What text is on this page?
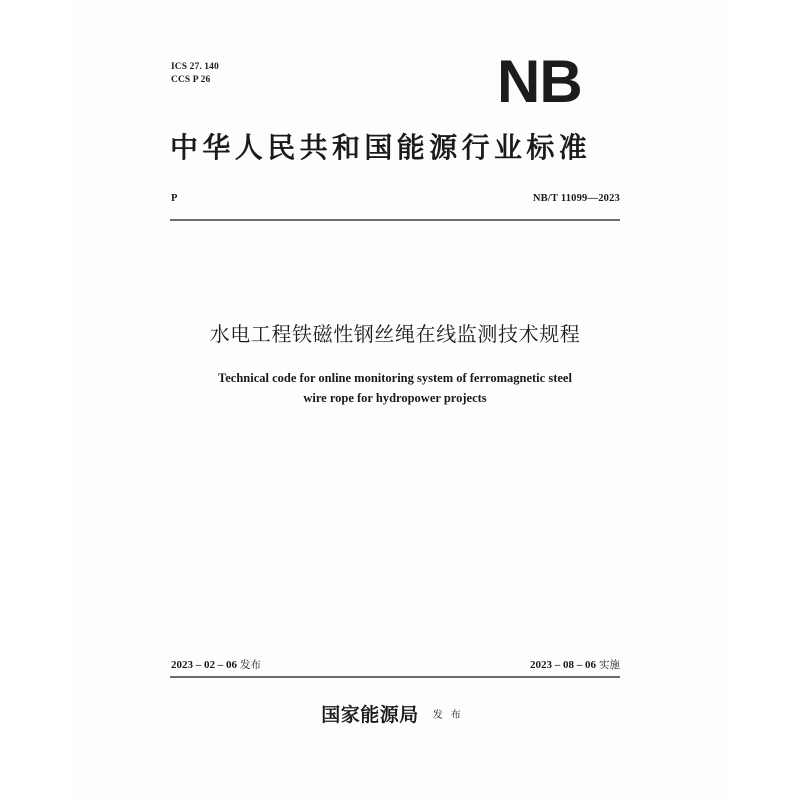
ICS 27. 140
CCS P 26	NB
中华人民共和国能源行业标准
P	NB/T 11099—2023
水电工程铁磁性钢丝绳在线监测技术规程
Technical code for online monitoring system of ferromagnetic steel
wire rope for hydropower projects
2023 – 02 – 06 发布	2023 – 08 – 06 实施
国家能源局 发布
